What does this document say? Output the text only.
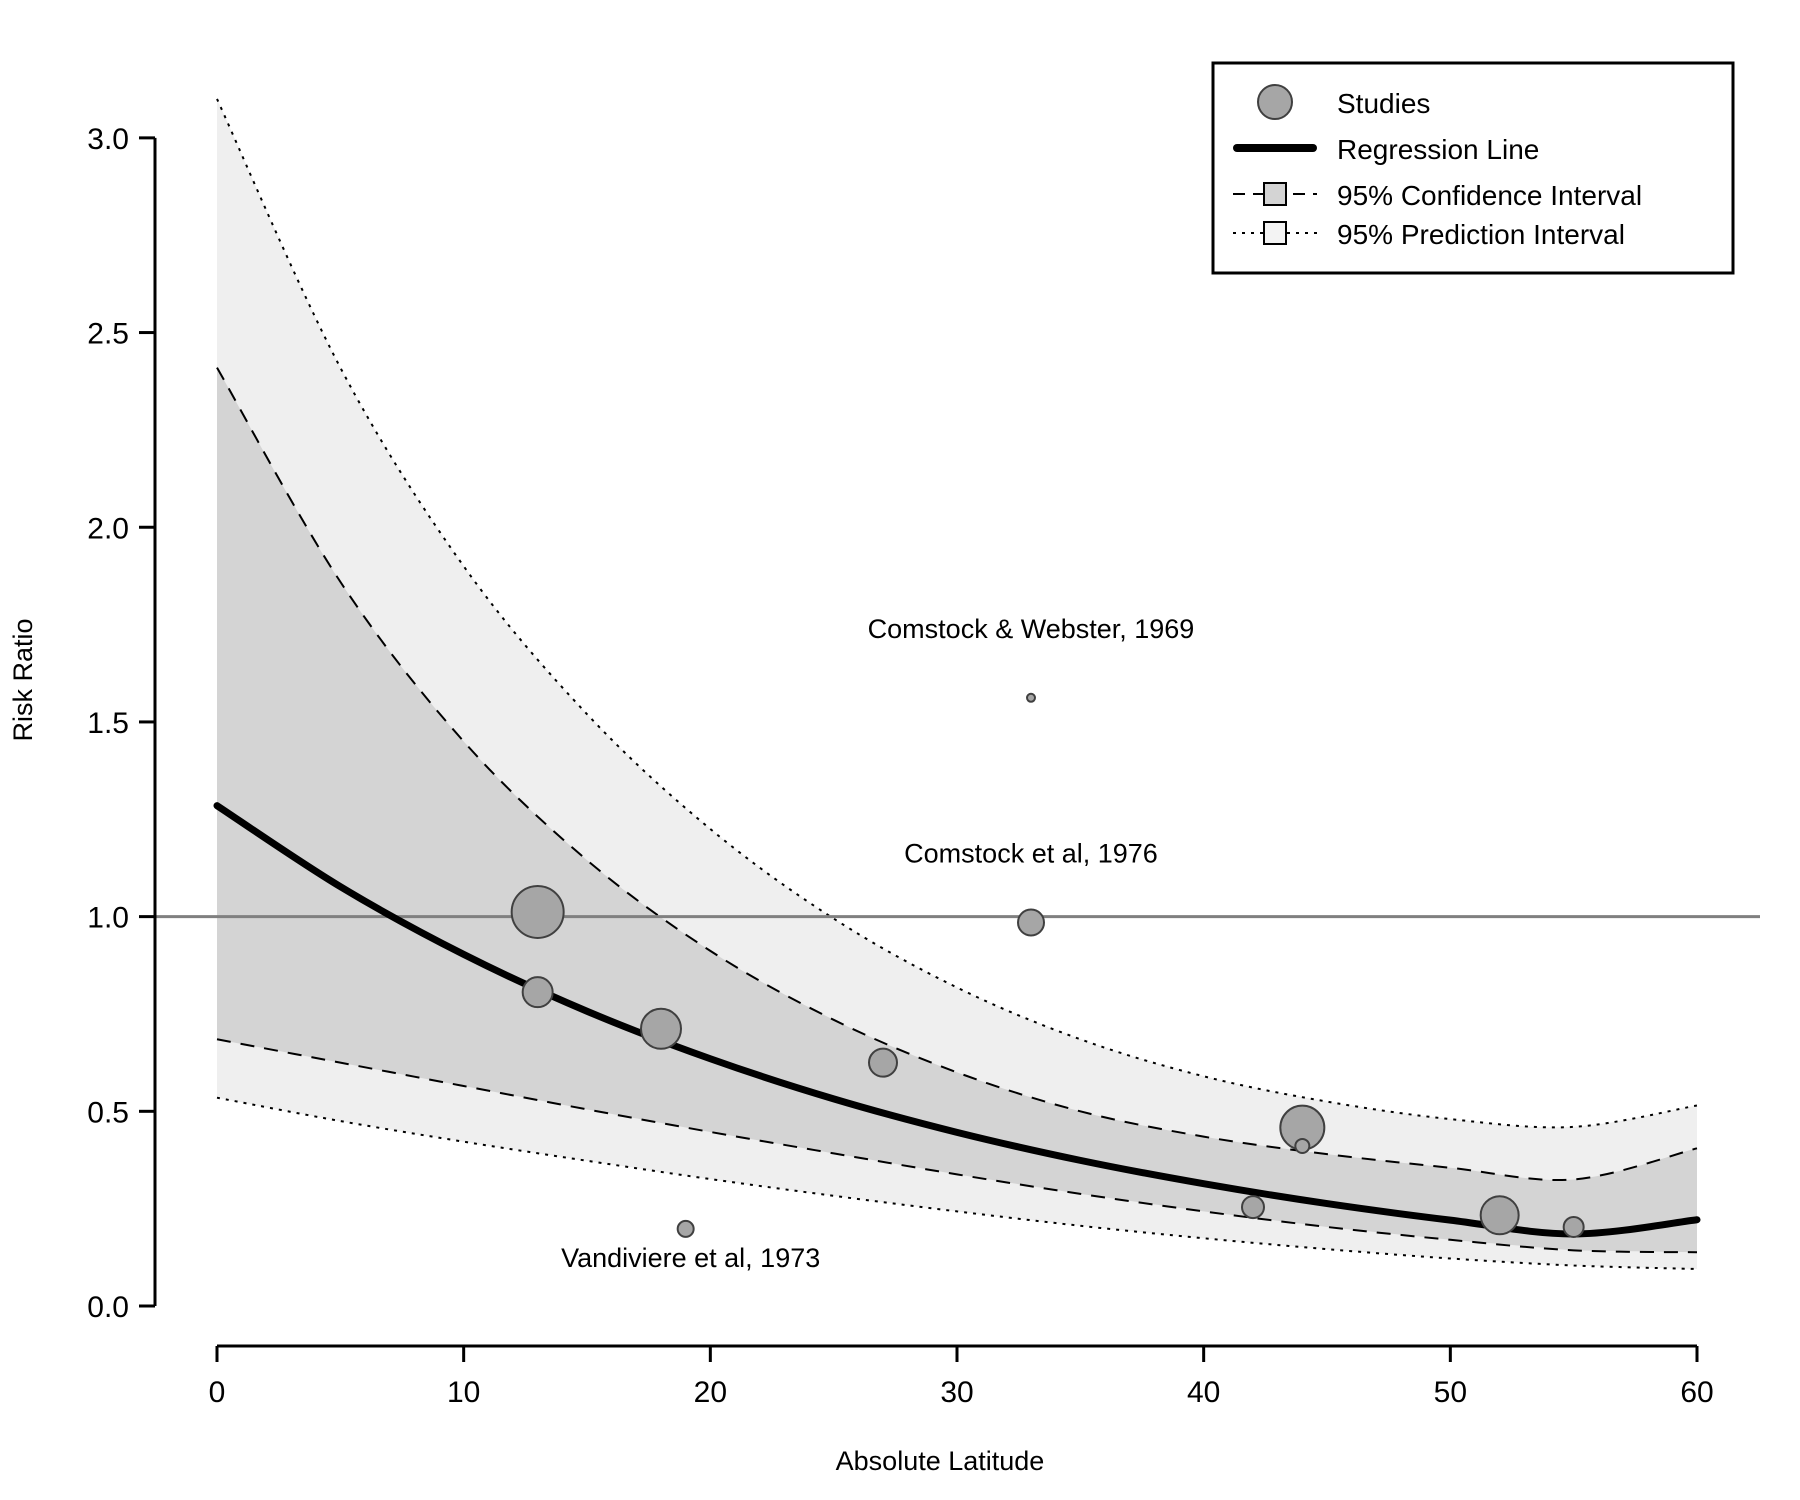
0.0
0.5
1.0
1.5
2.0
2.5
3.0
0	10	20	30	40	50	60
Comstock & Webster, 1969
Comstock et al, 1976
Vandiviere et al, 1973
Absolute Latitude
Risk Ratio
Studies
Regression Line
95% Confidence Interval
95% Prediction Interval
